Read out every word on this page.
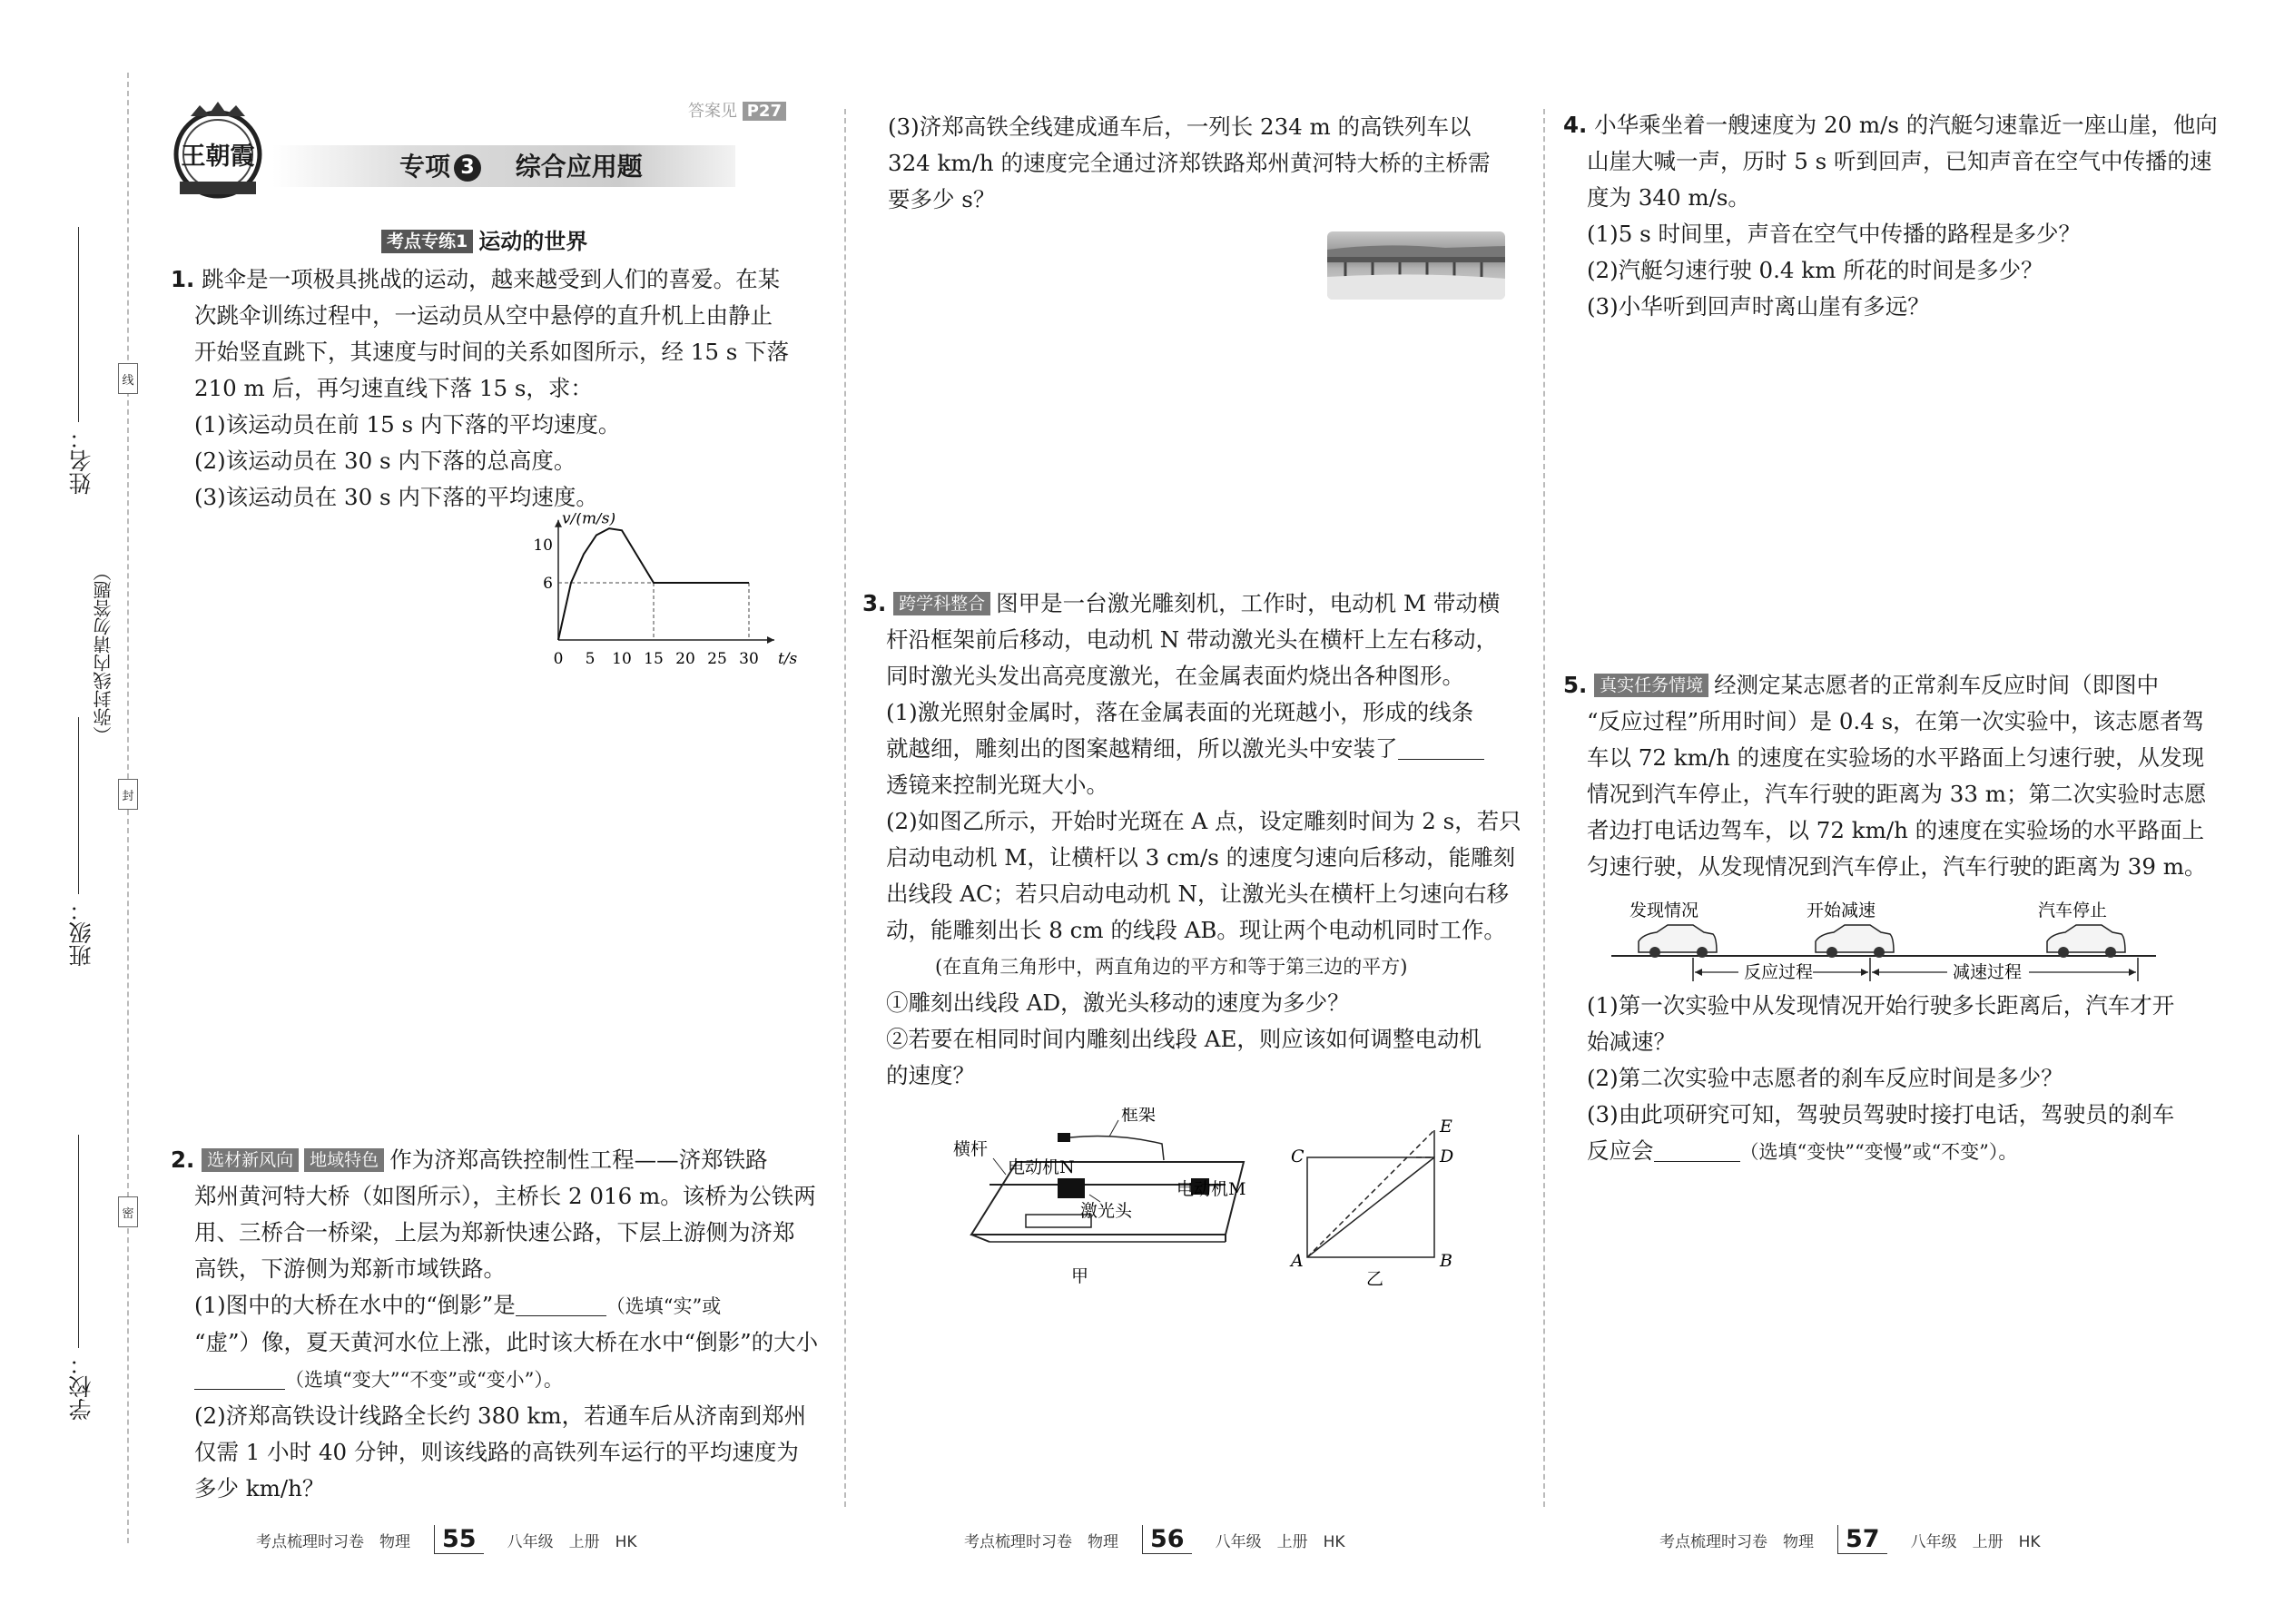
线
封
密
（弥封线内请勿答题）
姓名：
班级：
学校：
王朝霞	专项 3 综合应用题
答案见 P27
考点专练1 运动的世界
1. 跳伞是一项极具挑战的运动，越来越受到人们的喜爱。在某
次跳伞训练过程中，一运动员从空中悬停的直升机上由静止
开始竖直跳下，其速度与时间的关系如图所示，经 15 s 下落
210 m 后，再匀速直线下落 15 s，求：
(1)该运动员在前 15 s 内下落的平均速度。
(2)该运动员在 30 s 内下落的总高度。
(3)该运动员在 30 s 内下落的平均速度。
v/(m/s)
t/s
0 5 10 15 20 25 30
6
10
2. 选材新风向 地域特色 作为济郑高铁控制性工程——济郑铁路
郑州黄河特大桥（如图所示），主桥长 2 016 m。该桥为公铁两
用、三桥合一桥梁，上层为郑新快速公路，下层上游侧为济郑
高铁，下游侧为郑新市域铁路。
(1)图中的大桥在水中的“倒影”是	（选填“实”或
“虚”）像，夏天黄河水位上涨，此时该大桥在水中“倒影”的大小
（选填“变大”“不变”或“变小”）。
(2)济郑高铁设计线路全长约 380 km，若通车后从济南到郑州
仅需 1 小时 40 分钟，则该线路的高铁列车运行的平均速度为
多少 km/h？
(3)济郑高铁全线建成通车后，一列长 234 m 的高铁列车以
324 km/h 的速度完全通过济郑铁路郑州黄河特大桥的主桥需
要多少 s？
3. 跨学科整合 图甲是一台激光雕刻机，工作时，电动机 M 带动横
杆沿框架前后移动，电动机 N 带动激光头在横杆上左右移动，
同时激光头发出高亮度激光，在金属表面灼烧出各种图形。
(1)激光照射金属时，落在金属表面的光斑越小，形成的线条
就越细，雕刻出的图案越精细，所以激光头中安装了
透镜来控制光斑大小。
(2)如图乙所示，开始时光斑在 A 点，设定雕刻时间为 2 s，若只
启动电动机 M，让横杆以 3 cm/s 的速度匀速向后移动，能雕刻
出线段 AC；若只启动电动机 N，让激光头在横杆上匀速向右移
动，能雕刻出长 8 cm 的线段 AB。现让两个电动机同时工作。
(在直角三角形中，两直角边的平方和等于第三边的平方)
①雕刻出线段 AD，激光头移动的速度为多少？
②若要在相同时间内雕刻出线段 AE，则应该如何调整电动机
的速度？
横杆
框架
电动机N
激光头
电动机M
甲
A	B
C	D
E
乙
4. 小华乘坐着一艘速度为 20 m/s 的汽艇匀速靠近一座山崖，他向
山崖大喊一声，历时 5 s 听到回声，已知声音在空气中传播的速
度为 340 m/s。
(1)5 s 时间里，声音在空气中传播的路程是多少？
(2)汽艇匀速行驶 0.4 km 所花的时间是多少？
(3)小华听到回声时离山崖有多远？
5. 真实任务情境 经测定某志愿者的正常刹车反应时间（即图中
“反应过程”所用时间）是 0.4 s，在第一次实验中，该志愿者驾
车以 72 km/h 的速度在实验场的水平路面上匀速行驶，从发现
情况到汽车停止，汽车行驶的距离为 33 m；第二次实验时志愿
者边打电话边驾车，以 72 km/h 的速度在实验场的水平路面上
匀速行驶，从发现情况到汽车停止，汽车行驶的距离为 39 m。
发现情况	开始减速	汽车停止
反应过程	减速过程
(1)第一次实验中从发现情况开始行驶多长距离后，汽车才开
始减速？
(2)第二次实验中志愿者的刹车反应时间是多少？
(3)由此项研究可知，驾驶员驾驶时接打电话，驾驶员的刹车
反应会	（选填“变快”“变慢”或“不变”）。
考点梳理时习卷　物理	55	八年级　上册　HK	考点梳理时习卷　物理	56	八年级　上册　HK	考点梳理时习卷　物理	57	八年级　上册　HK
